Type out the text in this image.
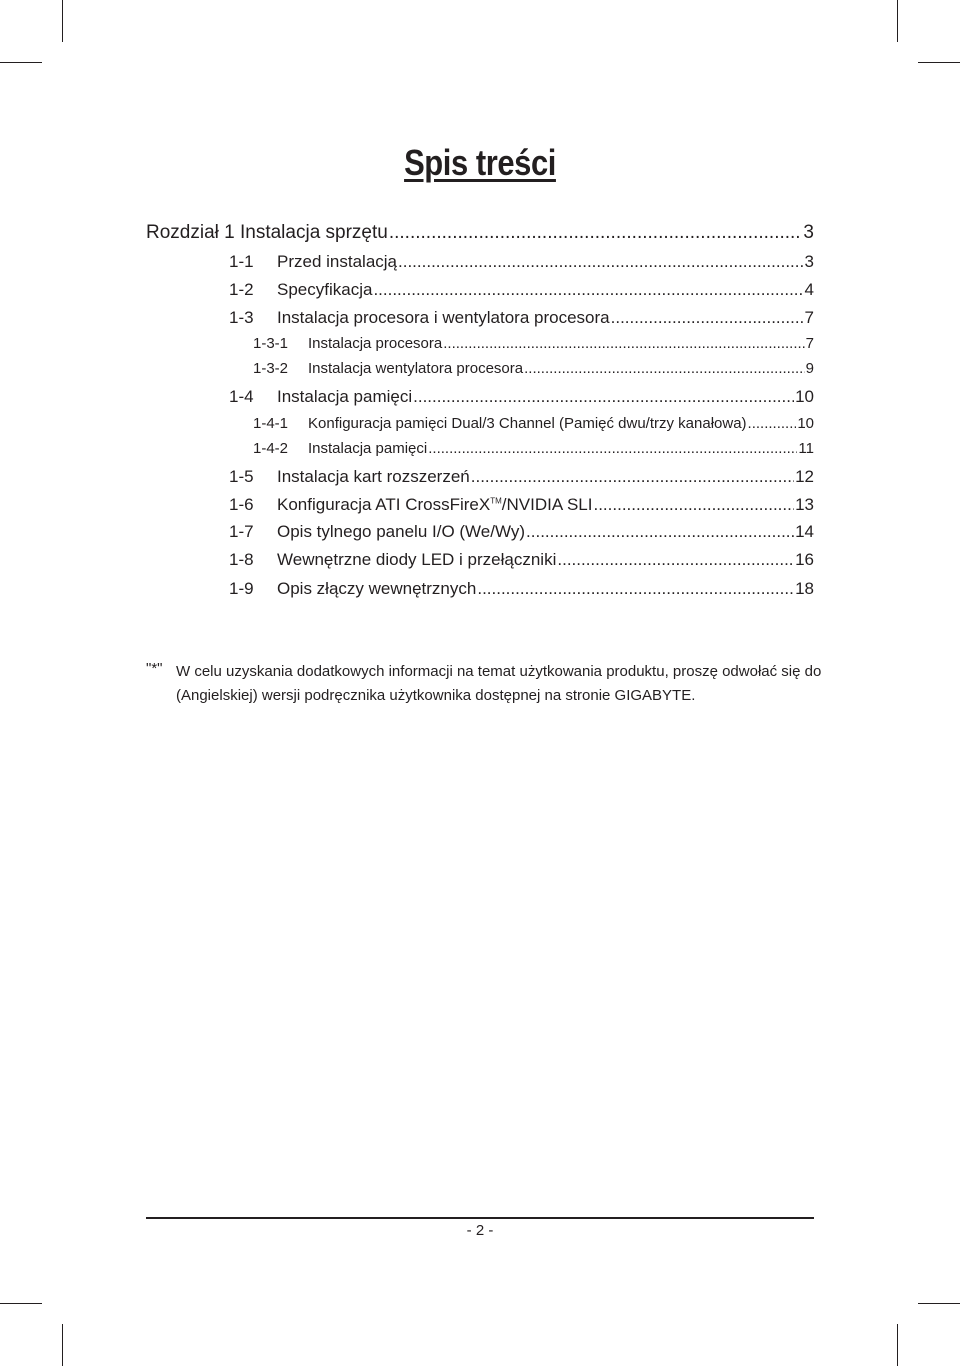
Spis treści
Rozdział 1 Instalacja sprzętu .....	3
1-1	Przed instalacją .....	3
1-2	Specyfikacja .....	4
1-3	Instalacja procesora i wentylatora procesora .....	7
1-3-1	Instalacja procesora .....	7
1-3-2	Instalacja wentylatora procesora .....	9
1-4	Instalacja pamięci .....	10
1-4-1	Konfiguracja pamięci Dual/3 Channel (Pamięć dwu/trzy kanałowa) .....	10
1-4-2	Instalacja pamięci .....	11
1-5	Instalacja kart rozszerzeń .....	12
1-6	Konfiguracja ATI CrossFireX™/NVIDIA SLI .....	13
1-7	Opis tylnego panelu I/O (We/Wy) .....	14
1-8	Wewnętrzne diody LED i przełączniki .....	16
1-9	Opis złączy wewnętrznych .....	18
"*" W celu uzyskania dodatkowych informacji na temat użytkowania produktu, proszę odwołać się do
(Angielskiej) wersji podręcznika użytkownika dostępnej na stronie GIGABYTE.
- 2 -
